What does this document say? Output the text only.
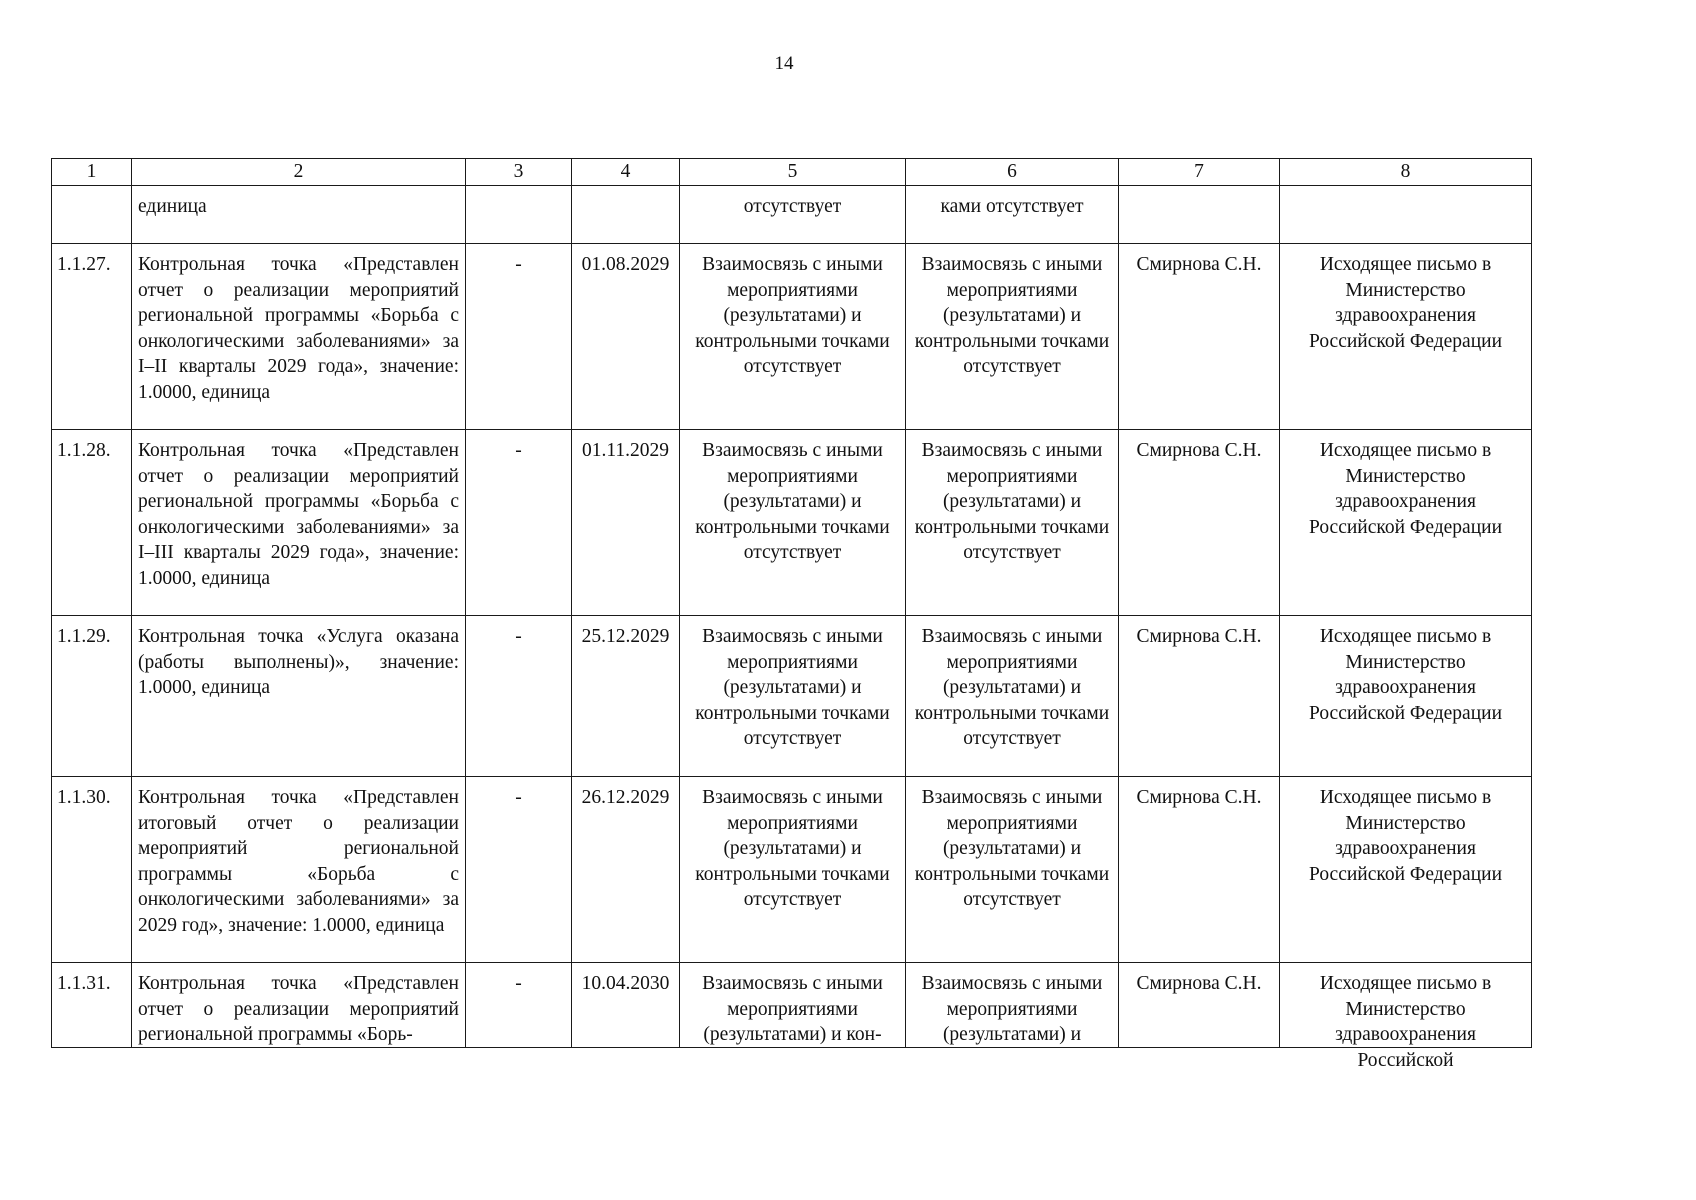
14
1	2	3	4	5	6	7	8

	единица			отсутствует	ками отсутствует		

1.1.27.	Контрольная точка «Представлен отчет о реализации мероприятий региональной программы «Борьба с онкологическими заболеваниями» за I–II кварталы 2029 года», значение: 1.0000, единица	-	01.08.2029	Взаимосвязь с иными мероприятиями (результатами) и контрольными точками отсутствует	Взаимосвязь с иными мероприятиями (результатами) и контрольными точками отсутствует	Смирнова С.Н.	Исходящее письмо в Министерство здравоохранения Российской Федерации

1.1.28.	Контрольная точка «Представлен отчет о реализации мероприятий региональной программы «Борьба с онкологическими заболеваниями» за I–III кварталы 2029 года», значение: 1.0000, единица	-	01.11.2029	Взаимосвязь с иными мероприятиями (результатами) и контрольными точками отсутствует	Взаимосвязь с иными мероприятиями (результатами) и контрольными точками отсутствует	Смирнова С.Н.	Исходящее письмо в Министерство здравоохранения Российской Федерации

1.1.29.	Контрольная точка «Услуга оказана (работы выполнены)», значение: 1.0000, единица	-	25.12.2029	Взаимосвязь с иными мероприятиями (результатами) и контрольными точками отсутствует	Взаимосвязь с иными мероприятиями (результатами) и контрольными точками отсутствует	Смирнова С.Н.	Исходящее письмо в Министерство здравоохранения Российской Федерации

1.1.30.	Контрольная точка «Представлен итоговый отчет о реализации мероприятий региональной программы «Борьба с онкологическими заболеваниями» за 2029 год», значение: 1.0000, единица	-	26.12.2029	Взаимосвязь с иными мероприятиями (результатами) и контрольными точками отсутствует	Взаимосвязь с иными мероприятиями (результатами) и контрольными точками отсутствует	Смирнова С.Н.	Исходящее письмо в Министерство здравоохранения Российской Федерации

1.1.31.	Контрольная точка «Представлен отчет о реализации мероприятий региональной программы «Борь-	-	10.04.2030	Взаимосвязь с иными мероприятиями (результатами) и кон-	Взаимосвязь с иными мероприятиями (результатами) и	Смирнова С.Н.	Исходящее письмо в Министерство здравоохранения Российской
